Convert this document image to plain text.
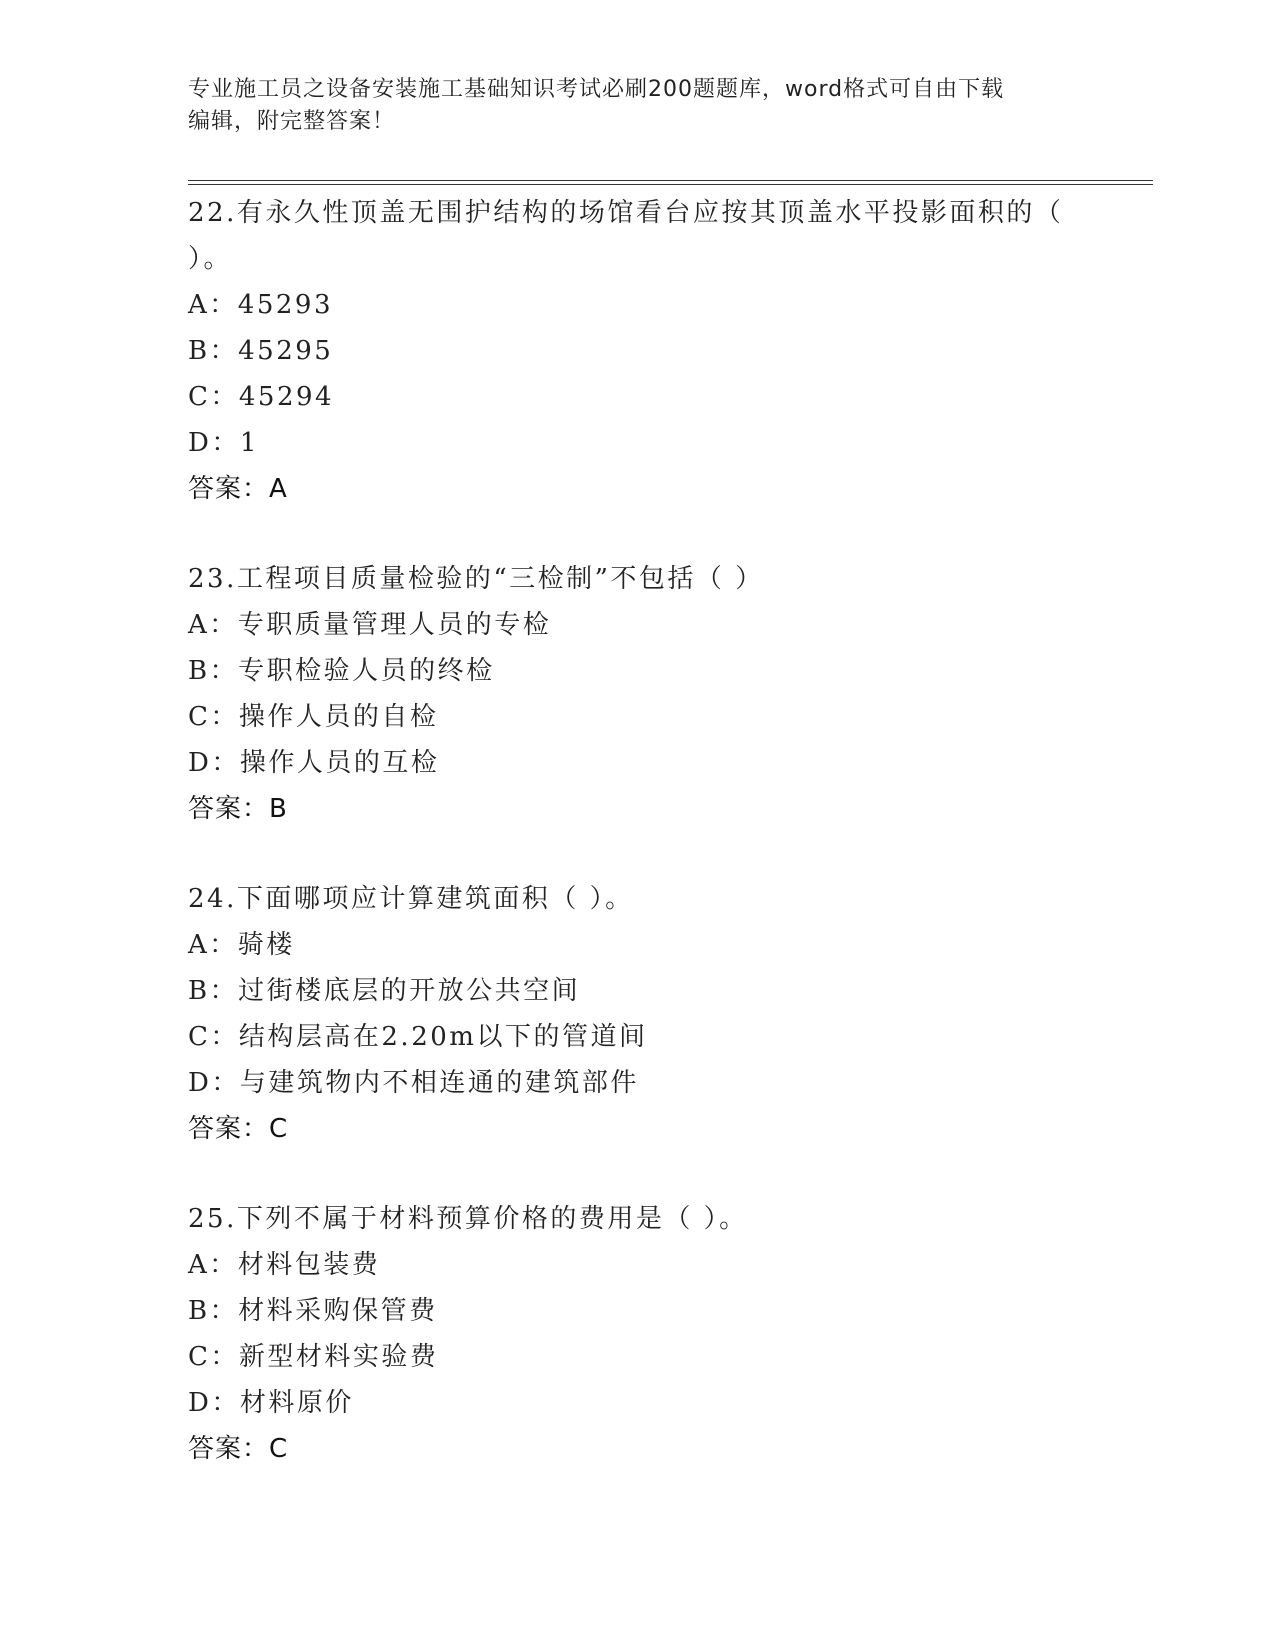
专业施工员之设备安装施工基础知识考试必刷200题题库，word格式可自由下载
编辑，附完整答案！
22.有永久性顶盖无围护结构的场馆看台应按其顶盖水平投影面积的（
）。
A：45293
B：45295
C：45294
D：1
答案：A
23.工程项目质量检验的“三检制”不包括（ ）
A：专职质量管理人员的专检
B：专职检验人员的终检
C：操作人员的自检
D：操作人员的互检
答案：B
24.下面哪项应计算建筑面积（ ）。
A：骑楼
B：过街楼底层的开放公共空间
C：结构层高在2.20m以下的管道间
D：与建筑物内不相连通的建筑部件
答案：C
25.下列不属于材料预算价格的费用是（ ）。
A：材料包装费
B：材料采购保管费
C：新型材料实验费
D：材料原价
答案：C
